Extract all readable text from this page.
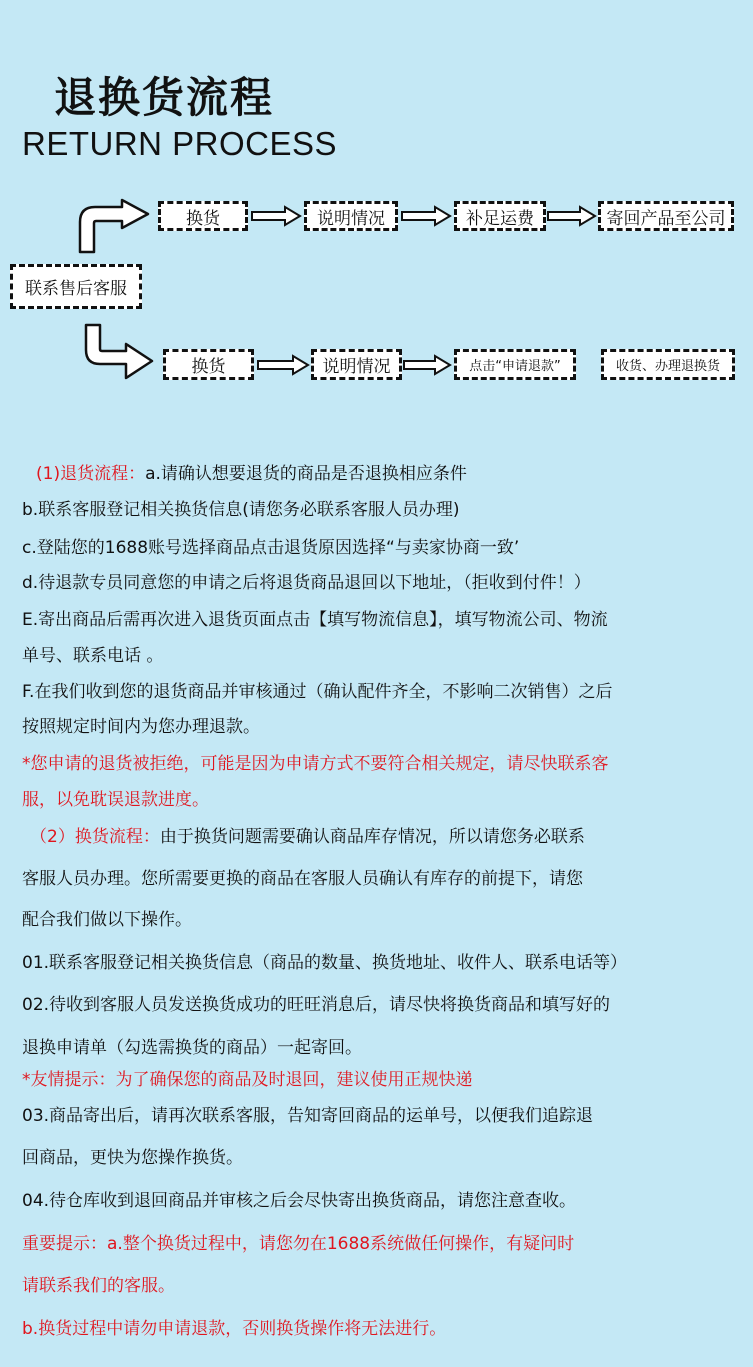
退换货流程
RETURN PROCESS
联系售后客服
换货	说明情况	补足运费	寄回产品至公司
换货	说明情况	点击“申请退款”	收货、办理退换货
(1)退货流程：a.请确认想要退货的商品是否退换相应条件
b.联系客服登记相关换货信息(请您务必联系客服人员办理)
c.登陆您的1688账号选择商品点击退货原因选择“与卖家协商一致’
d.待退款专员同意您的申请之后将退货商品退回以下地址，（拒收到付件！）
E.寄出商品后需再次进入退货页面点击【填写物流信息】，填写物流公司、物流
单号、联系电话 。
F.在我们收到您的退货商品并审核通过（确认配件齐全，不影响二次销售）之后
按照规定时间内为您办理退款。
*您申请的退货被拒绝，可能是因为申请方式不要符合相关规定，请尽快联系客
服，以免耽误退款进度。
（2）换货流程：由于换货问题需要确认商品库存情况，所以请您务必联系
客服人员办理。您所需要更换的商品在客服人员确认有库存的前提下，请您
配合我们做以下操作。
01.联系客服登记相关换货信息（商品的数量、换货地址、收件人、联系电话等）
02.待收到客服人员发送换货成功的旺旺消息后，请尽快将换货商品和填写好的
退换申请单（勾选需换货的商品）一起寄回。
*友情提示：为了确保您的商品及时退回，建议使用正规快递
03.商品寄出后，请再次联系客服，告知寄回商品的运单号，以便我们追踪退
回商品，更快为您操作换货。
04.待仓库收到退回商品并审核之后会尽快寄出换货商品，请您注意查收。
重要提示：a.整个换货过程中，请您勿在1688系统做任何操作，有疑问时
请联系我们的客服。
b.换货过程中请勿申请退款，否则换货操作将无法进行。
